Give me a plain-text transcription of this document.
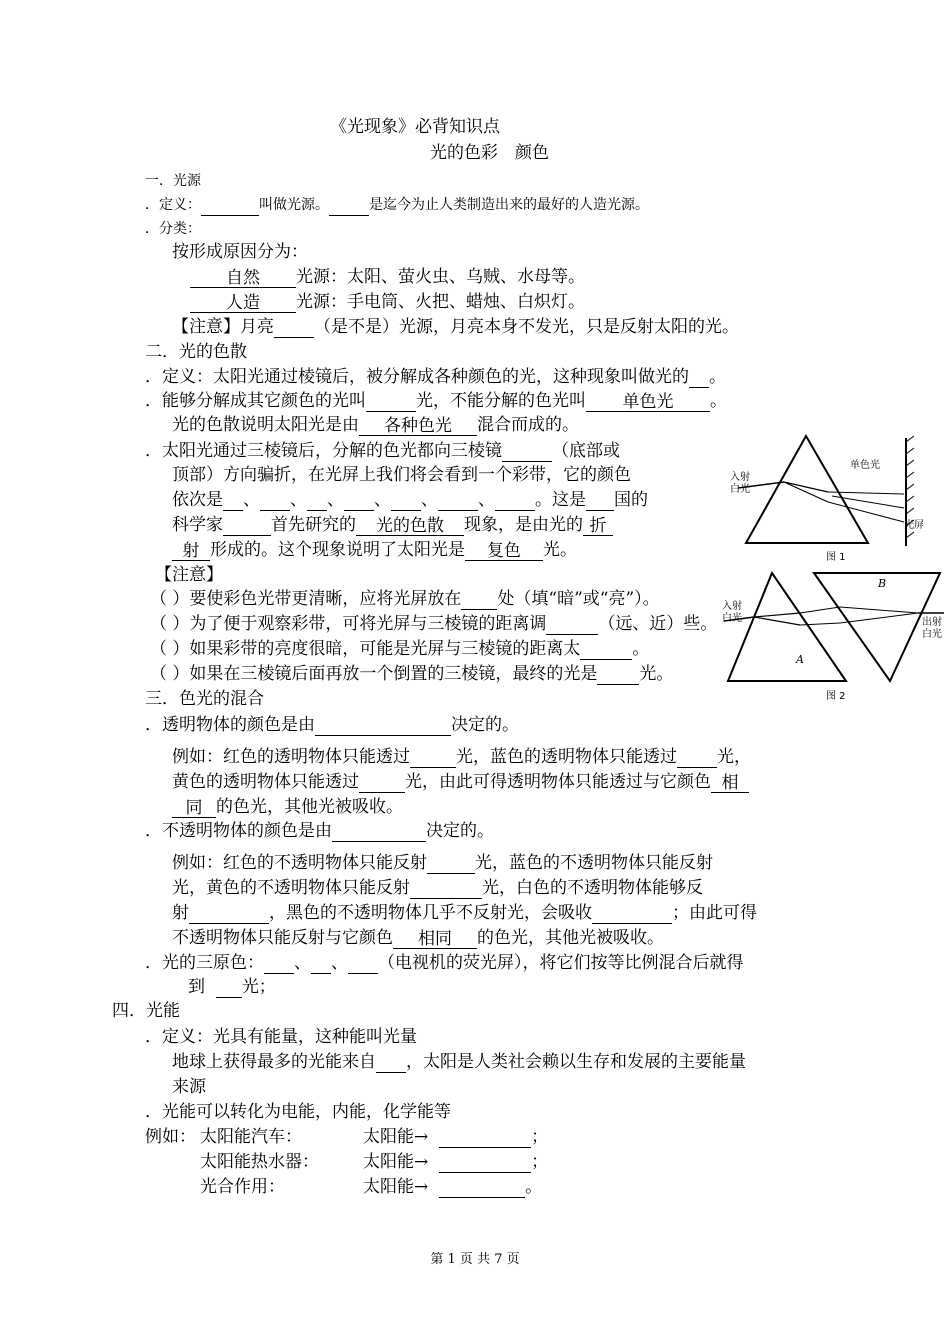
《光现象》必背知识点
光的色彩　颜色
一．光源
．定义：	叫做光源。	是迄今为止人类制造出来的最好的人造光源。
．分类：
按形成原因分为：
自然 光源：太阳、萤火虫、乌贼、水母等。
人造 光源：手电筒、火把、蜡烛、白炽灯。
【注意】月亮 （是不是）光源，月亮本身不发光，只是反射太阳的光。
二．光的色散
．定义：太阳光通过棱镜后，被分解成各种颜色的光，这种现象叫做光的 。
．能够分解成其它颜色的光叫	光，不能分解的色光叫 单色光 。
光的色散说明太阳光是由 各种色光 混合而成的。
．太阳光通过三棱镜后，分解的色光都向三棱镜	（底部或
顶部）方向骗折，在光屏上我们将会看到一个彩带，它的颜色
依次是 、 、 、 、 、 、 。这是 国的
科学家	首先研究的 光的色散 现象，是由光的 折
射 形成的。这个现象说明了太阳光是 复色 光。
【注意】
（ ）要使彩色光带更清晰，应将光屏放在 处（填“暗”或“亮”）。
（ ）为了便于观察彩带，可将光屏与三棱镜的距离调	（远、近）些。
（ ）如果彩带的亮度很暗，可能是光屏与三棱镜的距离太	。
（ ）如果在三棱镜后面再放一个倒置的三棱镜，最终的光是 光。
入射
白光
单色光
光屏
图 1
入射
白光	出射
白光
A
B
图 2
三．色光的混合
．透明物体的颜色是由	决定的。
例如：红色的透明物体只能透过	光，蓝色的透明物体只能透过 光，
黄色的透明物体只能透过	光，由此可得透明物体只能透过与它颜色 相
同 的色光，其他光被吸收。
．不透明物体的颜色是由	决定的。
例如：红色的不透明物体只能反射	光，蓝色的不透明物体只能反射
光，黄色的不透明物体只能反射	光，白色的不透明物体能够反
射	，黑色的不透明物体几乎不反射光，会吸收	；由此可得
不透明物体只能反射与它颜色 相同 的色光，其他光被吸收。
．光的三原色： 、 、 （电视机的荧光屏），将它们按等比例混合后就得
到 光；
四．光能
．定义：光具有能量，这种能叫光量
地球上获得最多的光能来自 ，太阳是人类社会赖以生存和发展的主要能量
来源
．光能可以转化为电能，内能，化学能等
例如： 太阳能汽车：	太阳能→	；
太阳能热水器：	太阳能→	；
光合作用：	太阳能→	。
第 1 页 共 7 页
